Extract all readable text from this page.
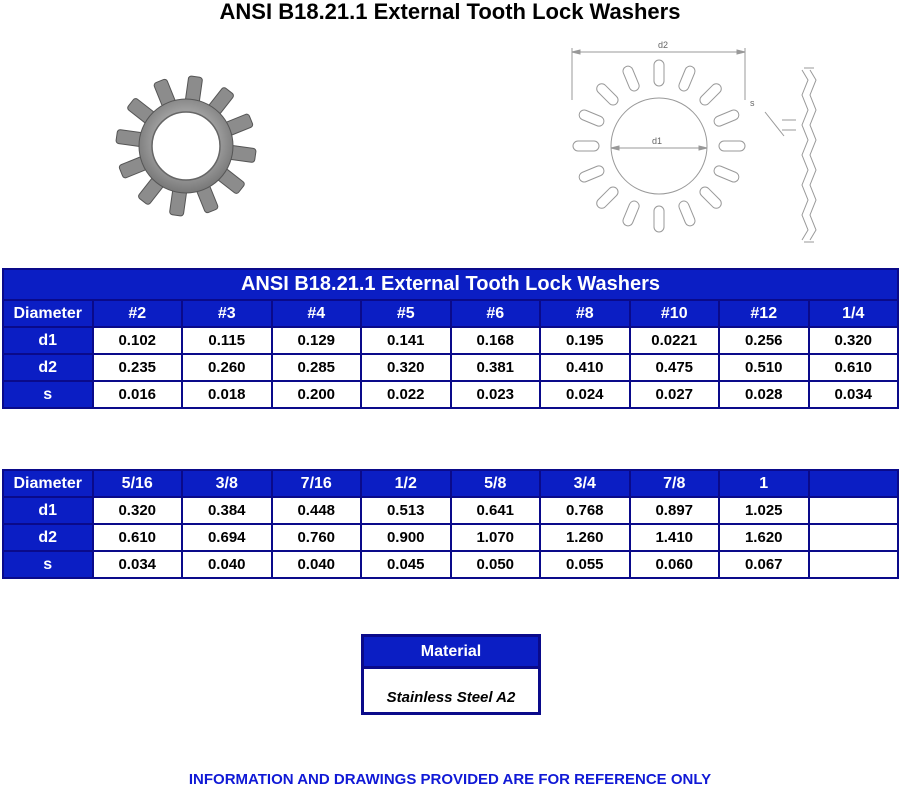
ANSI B18.21.1 External Tooth Lock Washers
d2
d1
s
ANSI B18.21.1 External Tooth Lock Washers									
Diameter	#2	#3	#4	#5	#6	#8	#10	#12	1/4
d1	0.102	0.115	0.129	0.141	0.168	0.195	0.0221	0.256	0.320
d2	0.235	0.260	0.285	0.320	0.381	0.410	0.475	0.510	0.610
s	0.016	0.018	0.200	0.022	0.023	0.024	0.027	0.028	0.034
Diameter	5/16	3/8	7/16	1/2	5/8	3/4	7/8	1	
d1	0.320	0.384	0.448	0.513	0.641	0.768	0.897	1.025	
d2	0.610	0.694	0.760	0.900	1.070	1.260	1.410	1.620	
s	0.034	0.040	0.040	0.045	0.050	0.055	0.060	0.067	
Material
Stainless Steel A2
INFORMATION AND DRAWINGS PROVIDED ARE FOR REFERENCE ONLY
